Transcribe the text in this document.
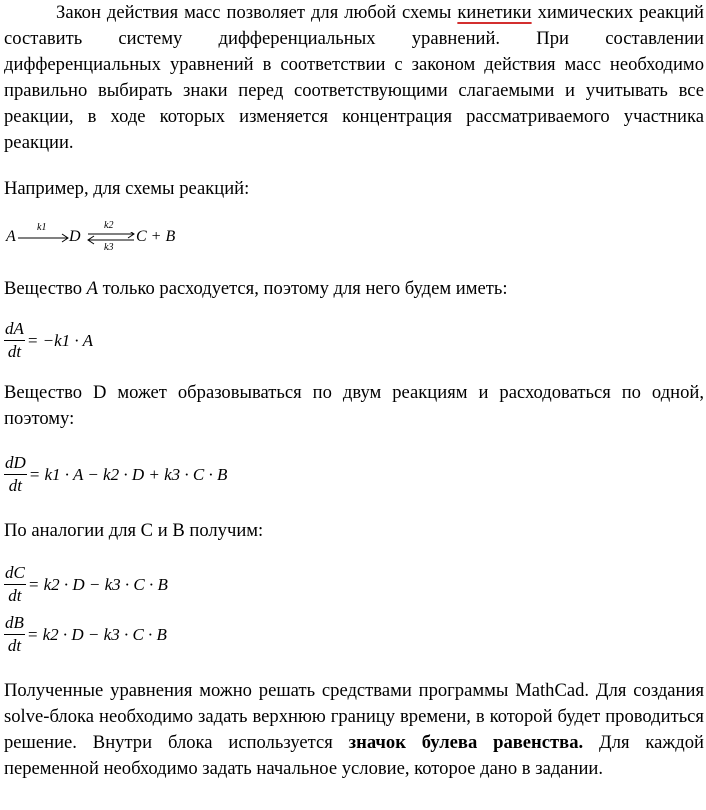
Закон действия масс позволяет для любой схемы кинетики химических реакций составить систему дифференциальных уравнений. При составлении дифференциальных уравнений в соответствии с законом действия масс необходимо правильно выбирать знаки перед соответствующими слагаемыми и учитывать все реакции, в ходе которых изменяется концентрация рассматриваемого участника реакции.

Например, для схемы реакций:

A
k1
D
k2
k3
C + B

Вещество A только расходуется, поэтому для него будем иметь:

$\frac{dA}{dt} = -k1 \cdot A$

Вещество D может образовываться по двум реакциям и расходоваться по одной, поэтому:

$\frac{dD}{dt} = k1 \cdot A - k2 \cdot D + k3 \cdot C \cdot B$

По аналогии для C и B получим:

$\frac{dC}{dt} = k2 \cdot D - k3 \cdot C \cdot B$
$\frac{dB}{dt} = k2 \cdot D - k3 \cdot C \cdot B$

Полученные уравнения можно решать средствами программы MathCad. Для создания solve-блока необходимо задать верхнюю границу времени, в которой будет проводиться решение. Внутри блока используется значок булева равенства. Для каждой переменной необходимо задать начальное условие, которое дано в задании.
